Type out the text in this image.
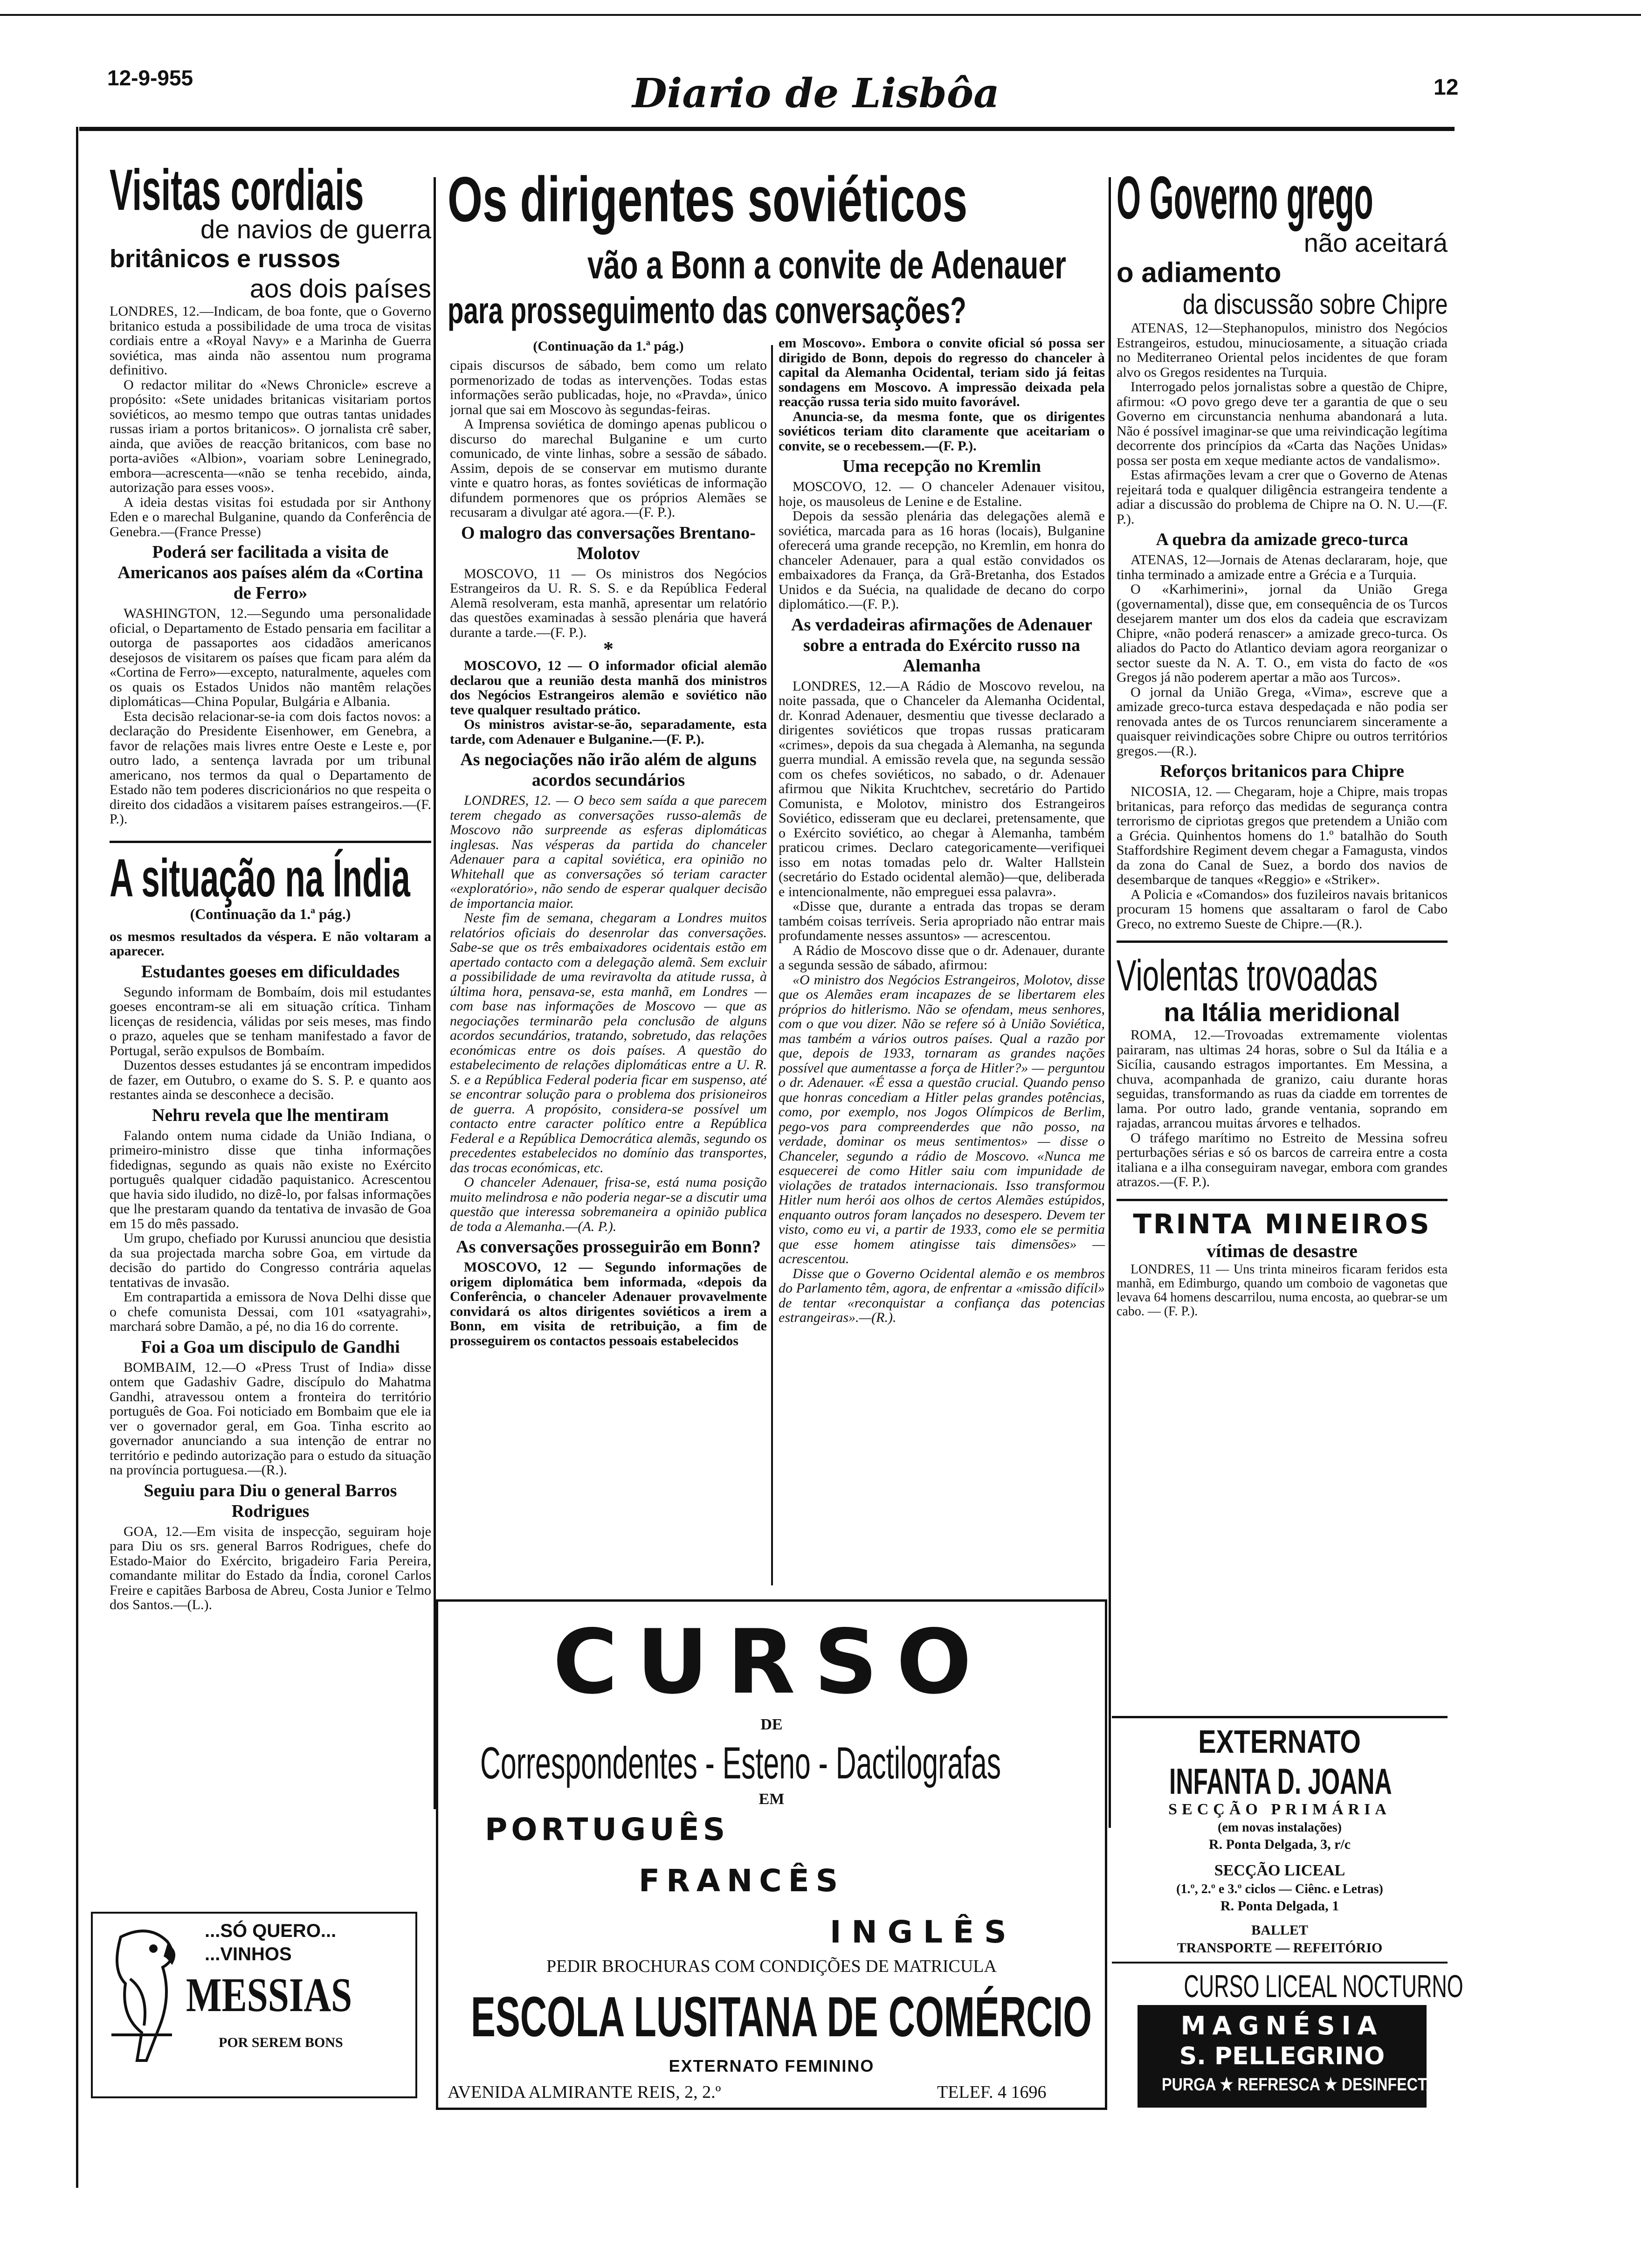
12-9-955	Diario de Lisbôa	12
Visitas cordiais
de navios de guerra
britânicos e russos
aos dois países

LONDRES, 12.—Indicam, de boa fonte, que o Governo britanico estuda a possibilidade de uma troca de visitas cordiais entre a «Royal Navy» e a Marinha de Guerra soviética, mas ainda não assentou num programa definitivo.

O redactor militar do «News Chronicle» escreve a propósito: «Sete unidades britanicas visitariam portos soviéticos, ao mesmo tempo que outras tantas unidades russas iriam a portos britanicos». O jornalista crê saber, ainda, que aviões de reacção britanicos, com base no porta-aviões «Albion», voariam sobre Leninegrado, embora—acrescenta—«não se tenha recebido, ainda, autorização para esses voos».

A ideia destas visitas foi estudada por sir Anthony Eden e o marechal Bulganine, quando da Conferência de Genebra.—(France Presse)

Poderá ser facilitada a visita de Americanos aos países além da «Cortina de Ferro»

WASHINGTON, 12.—Segundo uma personalidade oficial, o Departamento de Estado pensaria em facilitar a outorga de passaportes aos cidadãos americanos desejosos de visitarem os países que ficam para além da «Cortina de Ferro»—excepto, naturalmente, aqueles com os quais os Estados Unidos não mantêm relações diplomáticas—China Popular, Bulgária e Albania.

Esta decisão relacionar-se-ia com dois factos novos: a declaração do Presidente Eisenhower, em Genebra, a favor de relações mais livres entre Oeste e Leste e, por outro lado, a sentença lavrada por um tribunal americano, nos termos da qual o Departamento de Estado não tem poderes discricionários no que respeita o direito dos cidadãos a visitarem países estrangeiros.—(F. P.).

A situação na Índia
(Continuação da 1.ª pág.)

os mesmos resultados da véspera. E não voltaram a aparecer.

Estudantes goeses em dificuldades

Segundo informam de Bombaím, dois mil estudantes goeses encontram-se ali em situação crítica. Tinham licenças de residencia, válidas por seis meses, mas findo o prazo, aqueles que se tenham manifestado a favor de Portugal, serão expulsos de Bombaím.

Duzentos desses estudantes já se encontram impedidos de fazer, em Outubro, o exame do S. S. P. e quanto aos restantes ainda se desconhece a decisão.

Nehru revela que lhe mentiram

Falando ontem numa cidade da União Indiana, o primeiro-ministro disse que tinha informações fidedignas, segundo as quais não existe no Exército português qualquer cidadão paquistanico. Acrescentou que havia sido iludido, no dizê-lo, por falsas informações que lhe prestaram quando da tentativa de invasão de Goa em 15 do mês passado.

Um grupo, chefiado por Kurussi anunciou que desistia da sua projectada marcha sobre Goa, em virtude da decisão do partido do Congresso contrária aquelas tentativas de invasão.

Em contrapartida a emissora de Nova Delhi disse que o chefe comunista Dessai, com 101 «satyagrahi», marchará sobre Damão, a pé, no dia 16 do corrente.

Foi a Goa um discipulo de Gandhi

BOMBAIM, 12.—O «Press Trust of India» disse ontem que Gadashiv Gadre, discípulo do Mahatma Gandhi, atravessou ontem a fronteira do território português de Goa. Foi noticiado em Bombaim que ele ia ver o governador geral, em Goa. Tinha escrito ao governador anunciando a sua intenção de entrar no território e pedindo autorização para o estudo da situação na província portuguesa.—(R.).

Seguiu para Diu o general Barros Rodrigues

GOA, 12.—Em visita de inspecção, seguiram hoje para Diu os srs. general Barros Rodrigues, chefe do Estado-Maior do Exército, brigadeiro Faria Pereira, comandante militar do Estado da Índia, coronel Carlos Freire e capitães Barbosa de Abreu, Costa Junior e Telmo dos Santos.—(L.).

...SÓ QUERO...
...VINHOS
MESSIAS
POR SEREM BONS
Os dirigentes soviéticos
vão a Bonn a convite de Adenauer
para prosseguimento das conversações?
(Continuação da 1.ª pág.)

cipais discursos de sábado, bem como um relato pormenorizado de todas as intervenções. Todas estas informações serão publicadas, hoje, no «Pravda», único jornal que sai em Moscovo às segundas-feiras.

A Imprensa soviética de domingo apenas publicou o discurso do marechal Bulganine e um curto comunicado, de vinte linhas, sobre a sessão de sábado. Assim, depois de se conservar em mutismo durante vinte e quatro horas, as fontes soviéticas de informação difundem pormenores que os próprios Alemães se recusaram a divulgar até agora.—(F. P.).

O malogro das conversações Brentano-Molotov

MOSCOVO, 11 — Os ministros dos Negócios Estrangeiros da U. R. S. S. e da República Federal Alemã resolveram, esta manhã, apresentar um relatório das questões examinadas à sessão plenária que haverá durante a tarde.—(F. P.).

*

MOSCOVO, 12 — O informador oficial alemão declarou que a reunião desta manhã dos ministros dos Negócios Estrangeiros alemão e soviético não teve qualquer resultado prático.

Os ministros avistar-se-ão, separadamente, esta tarde, com Adenauer e Bulganine.—(F. P.).

As negociações não irão além de alguns acordos secundários

LONDRES, 12. — O beco sem saída a que parecem terem chegado as conversações russo-alemãs de Moscovo não surpreende as esferas diplomáticas inglesas. Nas vésperas da partida do chanceler Adenauer para a capital soviética, era opinião no Whitehall que as conversações só teriam caracter «exploratório», não sendo de esperar qualquer decisão de importancia maior.

Neste fim de semana, chegaram a Londres muitos relatórios oficiais do desenrolar das conversações. Sabe-se que os três embaixadores ocidentais estão em apertado contacto com a delegação alemã. Sem excluir a possibilidade de uma reviravolta da atitude russa, à última hora, pensava-se, esta manhã, em Londres — com base nas informações de Moscovo — que as negociações terminarão pela conclusão de alguns acordos secundários, tratando, sobretudo, das relações económicas entre os dois países. A questão do estabelecimento de relações diplomáticas entre a U. R. S. e a República Federal poderia ficar em suspenso, até se encontrar solução para o problema dos prisioneiros de guerra. A propósito, considera-se possível um contacto entre caracter político entre a República Federal e a República Democrática alemãs, segundo os precedentes estabelecidos no domínio das transportes, das trocas económicas, etc.

O chanceler Adenauer, frisa-se, está numa posição muito melindrosa e não poderia negar-se a discutir uma questão que interessa sobremaneira a opinião publica de toda a Alemanha.—(A. P.).

As conversações prosseguirão em Bonn?

MOSCOVO, 12 — Segundo informações de origem diplomática bem informada, «depois da Conferência, o chanceler Adenauer provavelmente convidará os altos dirigentes soviéticos a irem a Bonn, em visita de retribuição, a fim de prosseguirem os contactos pessoais estabelecidos

em Moscovo». Embora o convite oficial só possa ser dirigido de Bonn, depois do regresso do chanceler à capital da Alemanha Ocidental, teriam sido já feitas sondagens em Moscovo. A impressão deixada pela reacção russa teria sido muito favorável.

Anuncia-se, da mesma fonte, que os dirigentes soviéticos teriam dito claramente que aceitariam o convite, se o recebessem.—(F. P.).

Uma recepção no Kremlin

MOSCOVO, 12. — O chanceler Adenauer visitou, hoje, os mausoleus de Lenine e de Estaline.

Depois da sessão plenária das delegações alemã e soviética, marcada para as 16 horas (locais), Bulganine oferecerá uma grande recepção, no Kremlin, em honra do chanceler Adenauer, para a qual estão convidados os embaixadores da França, da Grã-Bretanha, dos Estados Unidos e da Suécia, na qualidade de decano do corpo diplomático.—(F. P.).

As verdadeiras afirmações de Adenauer sobre a entrada do Exército russo na Alemanha

LONDRES, 12.—A Rádio de Moscovo revelou, na noite passada, que o Chanceler da Alemanha Ocidental, dr. Konrad Adenauer, desmentiu que tivesse declarado a dirigentes soviéticos que tropas russas praticaram «crimes», depois da sua chegada à Alemanha, na segunda guerra mundial. A emissão revela que, na segunda sessão com os chefes soviéticos, no sabado, o dr. Adenauer afirmou que Nikita Kruchtchev, secretário do Partido Comunista, e Molotov, ministro dos Estrangeiros Soviético, edisseram que eu declarei, pretensamente, que o Exército soviético, ao chegar à Alemanha, também praticou crimes. Declaro categoricamente—verifiquei isso em notas tomadas pelo dr. Walter Hallstein (secretário do Estado ocidental alemão)—que, deliberada e intencionalmente, não empreguei essa palavra».

«Disse que, durante a entrada das tropas se deram também coisas terríveis. Seria apropriado não entrar mais profundamente nesses assuntos» — acrescentou.

A Rádio de Moscovo disse que o dr. Adenauer, durante a segunda sessão de sábado, afirmou:

«O ministro dos Negócios Estrangeiros, Molotov, disse que os Alemães eram incapazes de se libertarem eles próprios do hitlerismo. Não se ofendam, meus senhores, com o que vou dizer. Não se refere só à União Soviética, mas também a vários outros países. Qual a razão por que, depois de 1933, tornaram as grandes nações possível que aumentasse a força de Hitler?» — perguntou o dr. Adenauer. «É essa a questão crucial. Quando penso que honras concediam a Hitler pelas grandes potências, como, por exemplo, nos Jogos Olímpicos de Berlim, pego-vos para compreenderdes que não posso, na verdade, dominar os meus sentimentos» — disse o Chanceler, segundo a rádio de Moscovo. «Nunca me esquecerei de como Hitler saiu com impunidade de violações de tratados internacionais. Isso transformou Hitler num herói aos olhos de certos Alemães estúpidos, enquanto outros foram lançados no desespero. Devem ter visto, como eu vi, a partir de 1933, como ele se permitia que esse homem atingisse tais dimensões» — acrescentou.

Disse que o Governo Ocidental alemão e os membros do Parlamento têm, agora, de enfrentar a «missão difícil» de tentar «reconquistar a confiança das potencias estrangeiras».—(R.).

CURSO
DE
Correspondentes - Esteno - Dactilografas
EM
PORTUGUÊS
FRANCÊS
INGLÊS
PEDIR BROCHURAS COM CONDIÇÕES DE MATRICULA
ESCOLA LUSITANA DE COMÉRCIO
EXTERNATO FEMININO
AVENIDA ALMIRANTE REIS, 2, 2.º	TELEF. 4 1696
O Governo grego
não aceitará
o adiamento
da discussão sobre Chipre

ATENAS, 12—Stephanopulos, ministro dos Negócios Estrangeiros, estudou, minuciosamente, a situação criada no Mediterraneo Oriental pelos incidentes de que foram alvo os Gregos residentes na Turquia.

Interrogado pelos jornalistas sobre a questão de Chipre, afirmou: «O povo grego deve ter a garantia de que o seu Governo em circunstancia nenhuma abandonará a luta. Não é possível imaginar-se que uma reivindicação legítima decorrente dos princípios da «Carta das Nações Unidas» possa ser posta em xeque mediante actos de vandalismo».

Estas afirmações levam a crer que o Governo de Atenas rejeitará toda e qualquer diligência estrangeira tendente a adiar a discussão do problema de Chipre na O. N. U.—(F. P.).

A quebra da amizade greco-turca

ATENAS, 12—Jornais de Atenas declararam, hoje, que tinha terminado a amizade entre a Grécia e a Turquia.

O «Karhimerini», jornal da União Grega (governamental), disse que, em consequência de os Turcos desejarem manter um dos elos da cadeia que escravizam Chipre, «não poderá renascer» a amizade greco-turca. Os aliados do Pacto do Atlantico deviam agora reorganizar o sector sueste da N. A. T. O., em vista do facto de «os Gregos já não poderem apertar a mão aos Turcos».

O jornal da União Grega, «Vima», escreve que a amizade greco-turca estava despedaçada e não podia ser renovada antes de os Turcos renunciarem sinceramente a quaisquer reivindicações sobre Chipre ou outros territórios gregos.—(R.).

Reforços britanicos para Chipre

NICOSIA, 12. — Chegaram, hoje a Chipre, mais tropas britanicas, para reforço das medidas de segurança contra terrorismo de cipriotas gregos que pretendem a União com a Grécia. Quinhentos homens do 1.º batalhão do South Staffordshire Regiment devem chegar a Famagusta, vindos da zona do Canal de Suez, a bordo dos navios de desembarque de tanques «Reggio» e «Striker».

A Policia e «Comandos» dos fuzileiros navais britanicos procuram 15 homens que assaltaram o farol de Cabo Greco, no extremo Sueste de Chipre.—(R.).

Violentas trovoadas
na Itália meridional

ROMA, 12.—Trovoadas extremamente violentas pairaram, nas ultimas 24 horas, sobre o Sul da Itália e a Sicília, causando estragos importantes. Em Messina, a chuva, acompanhada de granizo, caiu durante horas seguidas, transformando as ruas da ciadde em torrentes de lama. Por outro lado, grande ventania, soprando em rajadas, arrancou muitas árvores e telhados.

O tráfego marítimo no Estreito de Messina sofreu perturbações sérias e só os barcos de carreira entre a costa italiana e a ilha conseguiram navegar, embora com grandes atrazos.—(F. P.).

TRINTA MINEIROS
vítimas de desastre

LONDRES, 11 — Uns trinta mineiros ficaram feridos esta manhã, em Edimburgo, quando um comboio de vagonetas que levava 64 homens descarrilou, numa encosta, ao quebrar-se um cabo. — (F. P.).

EXTERNATO
INFANTA D. JOANA
SECÇÃO PRIMÁRIA
(em novas instalações)
R. Ponta Delgada, 3, r/c
SECÇÃO LICEAL
(1.º, 2.º e 3.º ciclos — Ciênc. e Letras)
R. Ponta Delgada, 1
BALLET
TRANSPORTE — REFEITÓRIO
CURSO LICEAL NOCTURNO
MAGNÉSIA
S. PELLEGRINO
PURGA ★ REFRESCA ★ DESINFECTA
